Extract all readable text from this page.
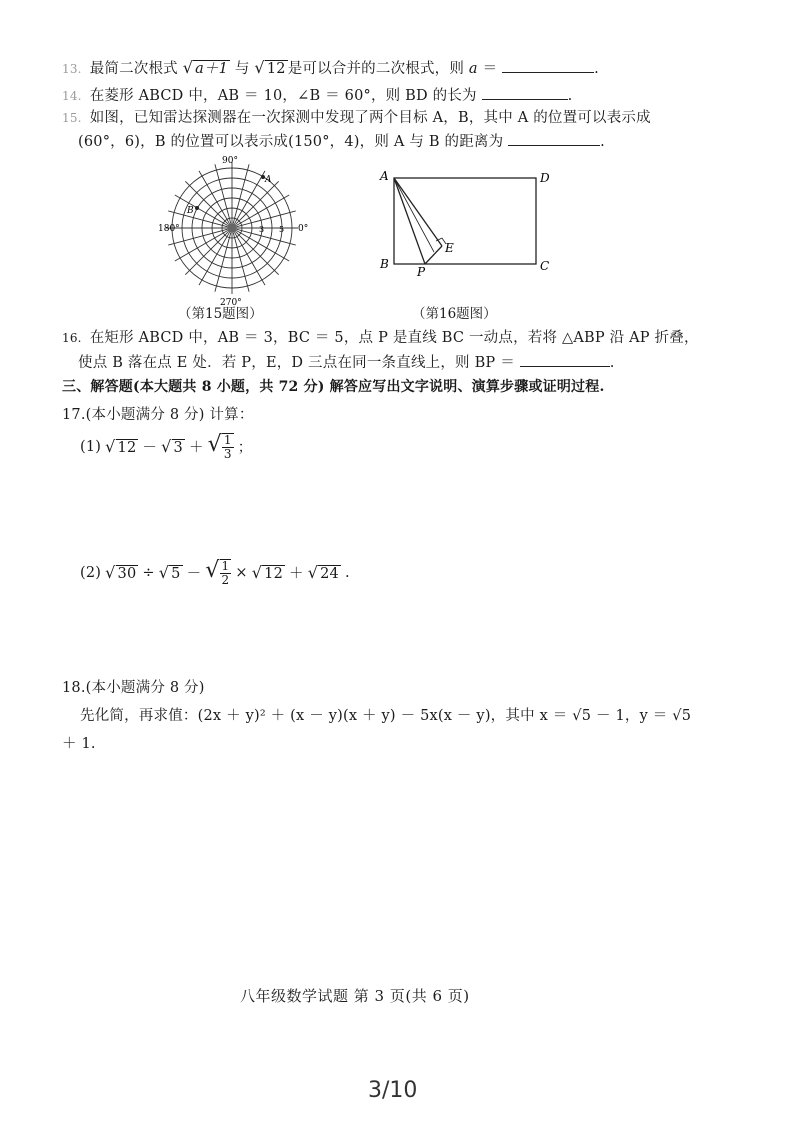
13. 最简二次根式 √ a＋1 与 √ 12 是可以合并的二次根式，则 a ＝	.
14. 在菱形 ABCD 中，AB ＝ 10，∠B ＝ 60°，则 BD 的长为	.
15. 如图，已知雷达探测器在一次探测中发现了两个目标 A，B，其中 A 的位置可以表示成
(60°，6)，B 的位置可以表示成(150°，4)，则 A 与 B 的距离为	.
90°
180°	0°
270°
A
B
3 5
（第15题图）
A	D
B	C
E
P
（第16题图）
16. 在矩形 ABCD 中，AB ＝ 3，BC ＝ 5，点 P 是直线 BC 一动点，若将 △ABP 沿 AP 折叠，
使点 B 落在点 E 处．若 P，E，D 三点在同一条直线上，则 BP ＝	.
三、解答题(本大题共 8 小题，共 72 分) 解答应写出文字说明、演算步骤或证明过程.
17.(本小题满分 8 分) 计算：
(1) √ 12 － √ 3 ＋ √ $\frac{1}{3}$ ；
(2) √ 30 ÷ √ 5 － √ $\frac{1}{2}$ × √ 12 ＋ √ 24 .
18.(本小题满分 8 分)
先化简，再求值：(2x ＋ y)² ＋ (x － y)(x ＋ y) － 5x(x － y)，其中 x ＝ √5 － 1，y ＝ √5
＋ 1.
八年级数学试题 第 3 页(共 6 页)
3/10
